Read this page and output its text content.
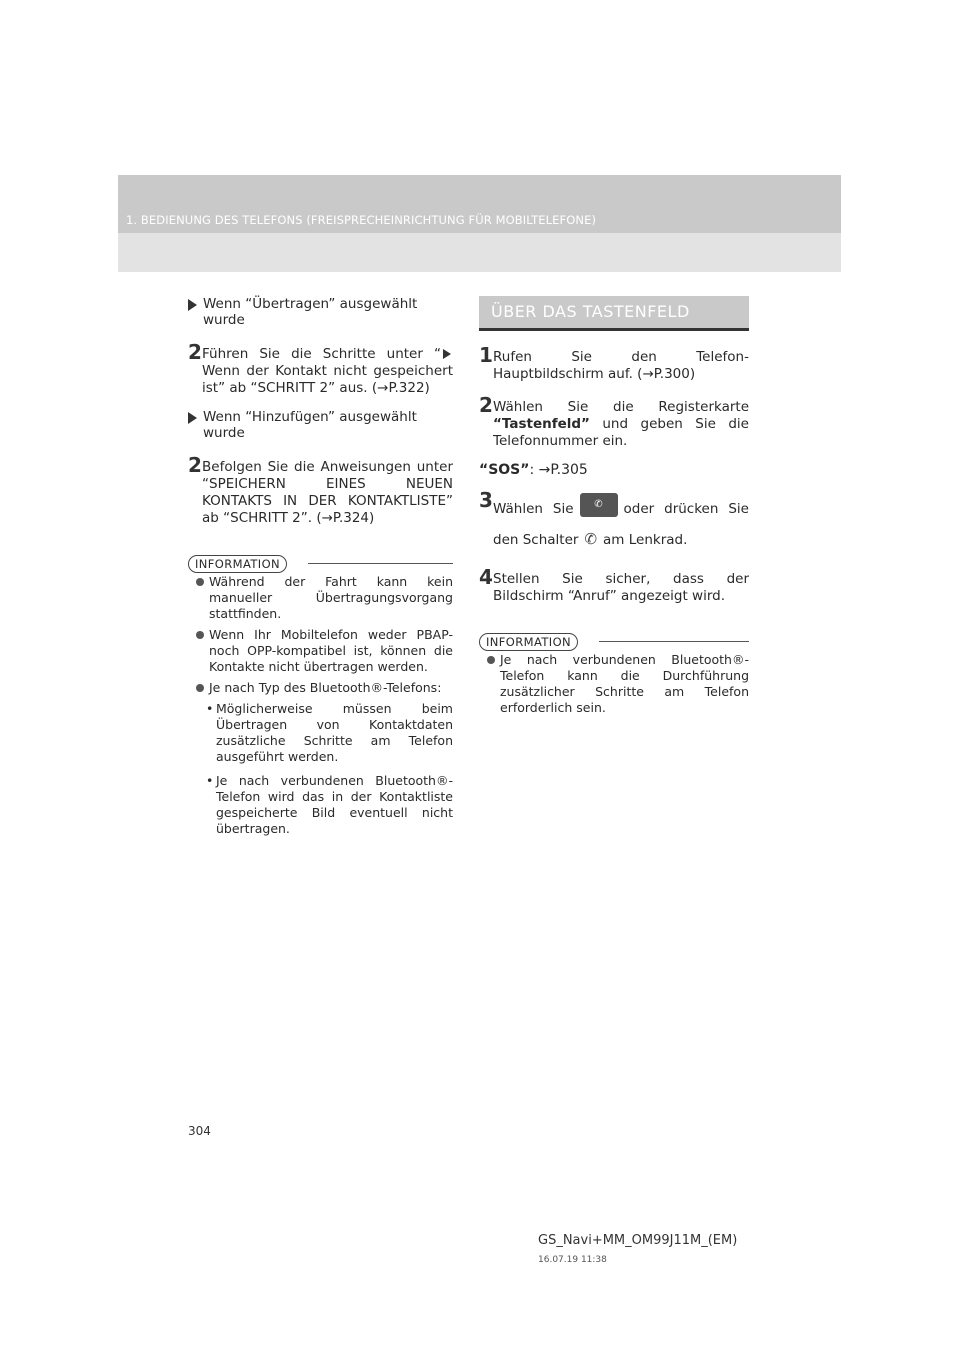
1. BEDIENUNG DES TELEFONS (FREISPRECHEINRICHTUNG FÜR MOBILTELEFONE)
Wenn “Übertragen” ausgewählt wurde
2 Führen Sie die Schritte unter “Wenn der Kontakt nicht gespeichert ist” ab “SCHRITT 2” aus. (→P.322)
Wenn “Hinzufügen” ausgewählt wurde
2 Befolgen Sie die Anweisungen unter “SPEICHERN EINES NEUEN KONTAKTS IN DER KONTAKTLISTE” ab “SCHRITT 2”. (→P.324)
INFORMATION
Während der Fahrt kann kein manueller Übertragungsvorgang stattfinden.
Wenn Ihr Mobiltelefon weder PBAP- noch OPP-kompatibel ist, können die Kontakte nicht übertragen werden.
Je nach Typ des Bluetooth®-Telefons:
• Möglicherweise müssen beim Übertragen von Kontaktdaten zusätzliche Schritte am Telefon ausgeführt werden.
• Je nach verbundenen Bluetooth®-Telefon wird das in der Kontaktliste gespeicherte Bild eventuell nicht übertragen.
ÜBER DAS TASTENFELD
1 Rufen Sie den Telefon-Hauptbildschirm auf. (→P.300)
2 Wählen Sie die Registerkarte “Tastenfeld” und geben Sie die Telefonnummer ein.
“SOS”: →P.305
3 Wählen Sie ✆ oder drücken Sie den Schalter ✆ am Lenkrad.
4 Stellen Sie sicher, dass der Bildschirm “Anruf” angezeigt wird.
INFORMATION
Je nach verbundenen Bluetooth®-Telefon kann die Durchführung zusätzlicher Schritte am Telefon erforderlich sein.
304
GS_Navi+MM_OM99J11M_(EM)
16.07.19 11:38
